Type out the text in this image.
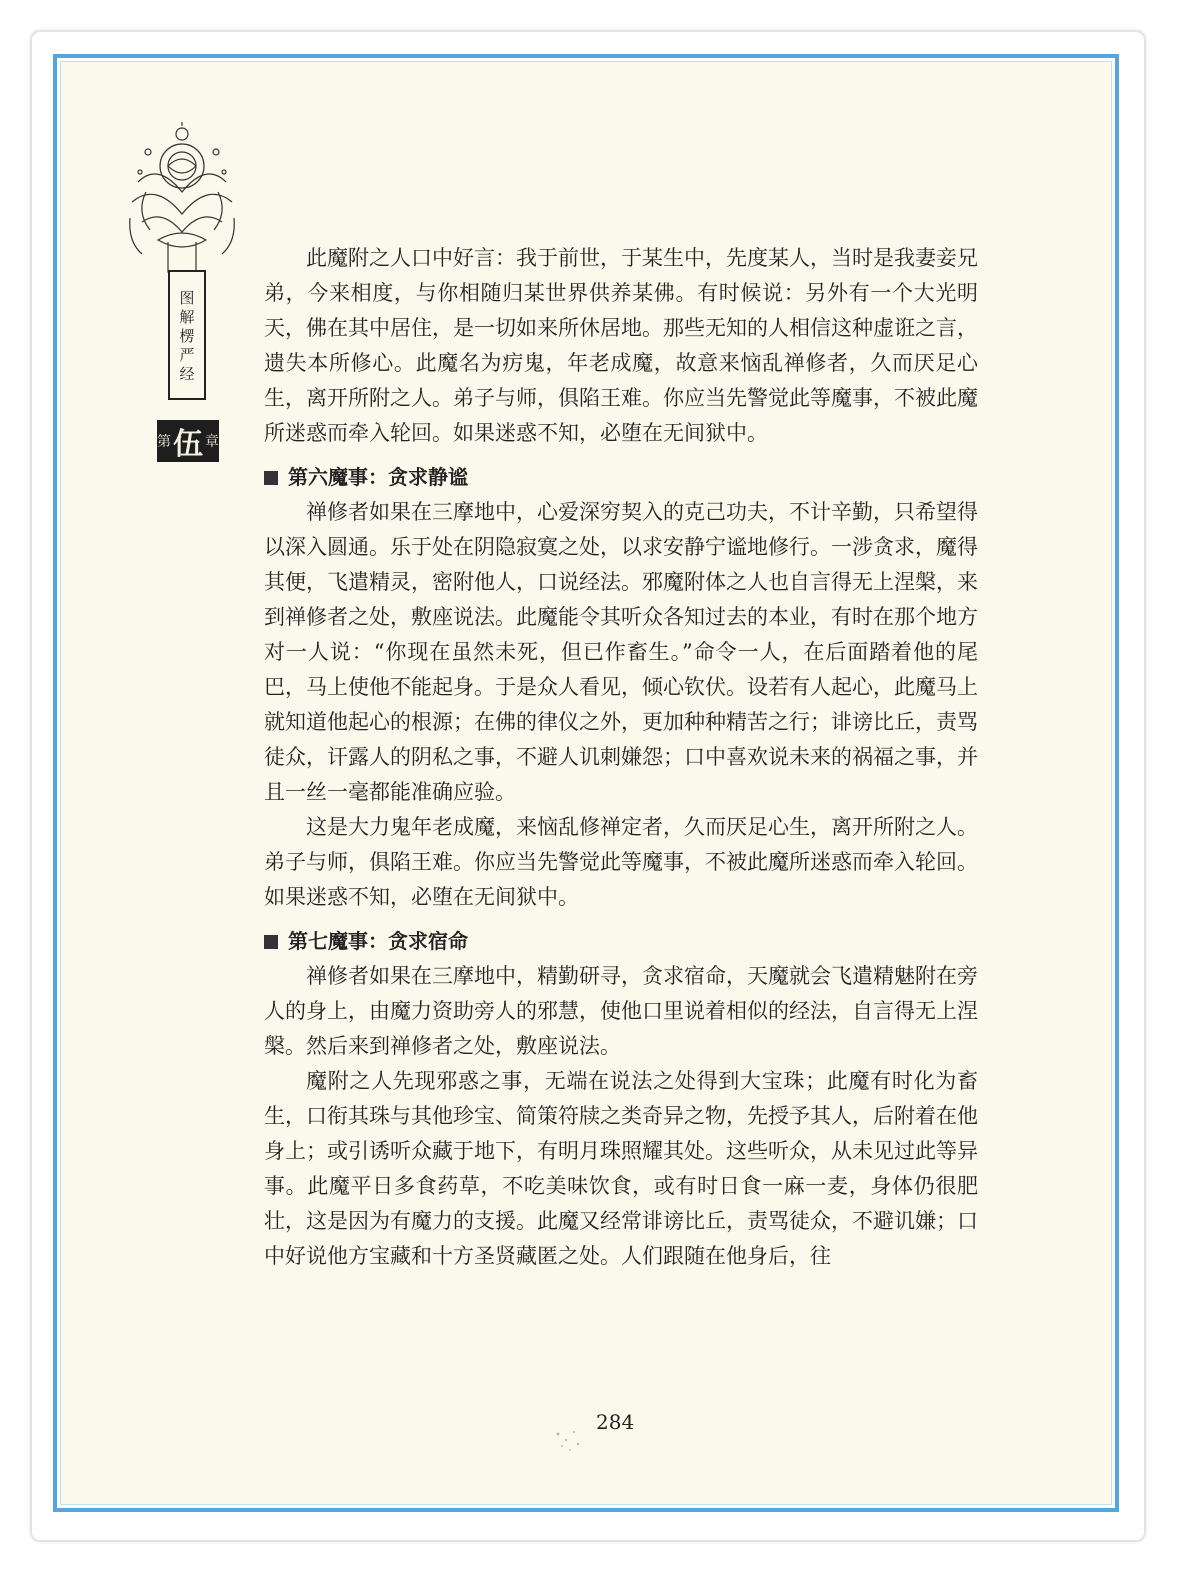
图解楞严经
第 伍 章

此魔附之人口中好言：我于前世，于某生中，先度某人，当时是我妻妾兄弟，今来相度，与你相随归某世界供养某佛。有时候说：另外有一个大光明天，佛在其中居住，是一切如来所休居地。那些无知的人相信这种虚诳之言，遗失本所修心。此魔名为疠鬼，年老成魔，故意来恼乱禅修者，久而厌足心生，离开所附之人。弟子与师，俱陷王难。你应当先警觉此等魔事，不被此魔所迷惑而牵入轮回。如果迷惑不知，必堕在无间狱中。

第六魔事：贪求静谧

禅修者如果在三摩地中，心爱深穷契入的克己功夫，不计辛勤，只希望得以深入圆通。乐于处在阴隐寂寞之处，以求安静宁谧地修行。一涉贪求，魔得其便，飞遣精灵，密附他人，口说经法。邪魔附体之人也自言得无上涅槃，来到禅修者之处，敷座说法。此魔能令其听众各知过去的本业，有时在那个地方对一人说：“你现在虽然未死，但已作畜生。”命令一人，在后面踏着他的尾巴，马上使他不能起身。于是众人看见，倾心钦伏。设若有人起心，此魔马上就知道他起心的根源；在佛的律仪之外，更加种种精苦之行；诽谤比丘，责骂徒众，讦露人的阴私之事，不避人讥刺嫌怨；口中喜欢说未来的祸福之事，并且一丝一毫都能准确应验。

这是大力鬼年老成魔，来恼乱修禅定者，久而厌足心生，离开所附之人。弟子与师，俱陷王难。你应当先警觉此等魔事，不被此魔所迷惑而牵入轮回。如果迷惑不知，必堕在无间狱中。

第七魔事：贪求宿命

禅修者如果在三摩地中，精勤研寻，贪求宿命，天魔就会飞遣精魅附在旁人的身上，由魔力资助旁人的邪慧，使他口里说着相似的经法，自言得无上涅槃。然后来到禅修者之处，敷座说法。

魔附之人先现邪惑之事，无端在说法之处得到大宝珠；此魔有时化为畜生，口衔其珠与其他珍宝、简策符牍之类奇异之物，先授予其人，后附着在他身上；或引诱听众藏于地下，有明月珠照耀其处。这些听众，从未见过此等异事。此魔平日多食药草，不吃美味饮食，或有时日食一麻一麦，身体仍很肥壮，这是因为有魔力的支援。此魔又经常诽谤比丘，责骂徒众，不避讥嫌；口中好说他方宝藏和十方圣贤藏匿之处。人们跟随在他身后，往

284
